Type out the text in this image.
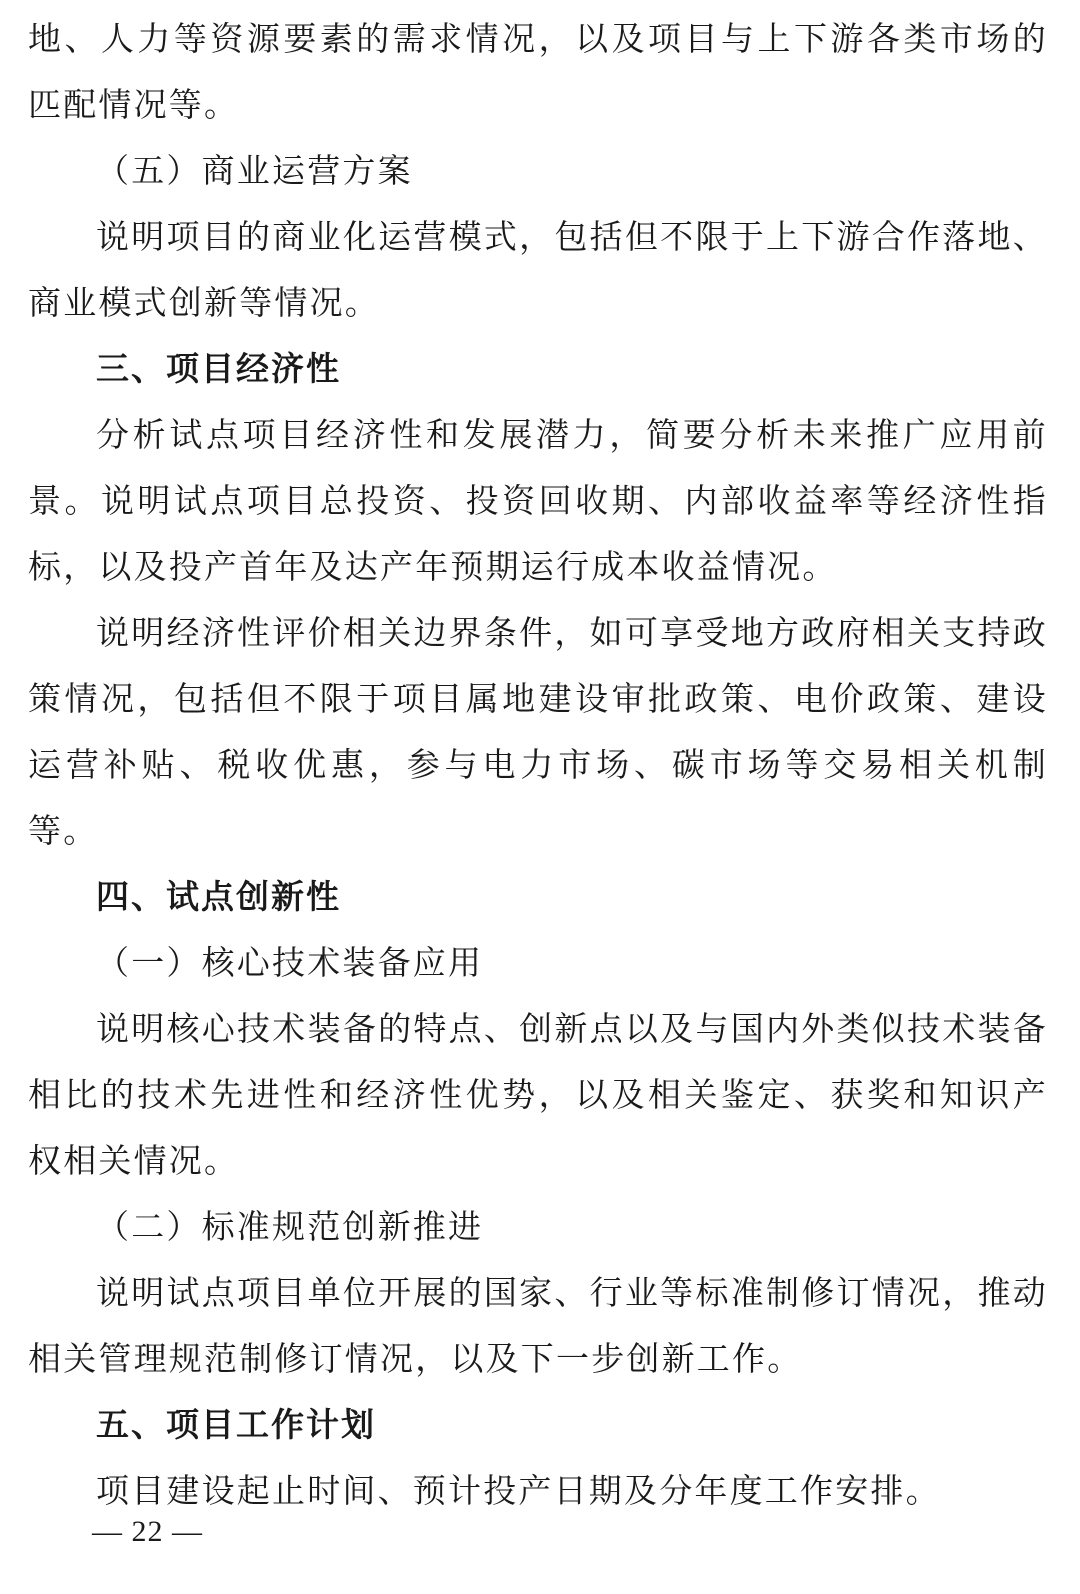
地、人力等资源要素的需求情况，以及项目与上下游各类市场的匹配情况等。

（五）商业运营方案

说明项目的商业化运营模式，包括但不限于上下游合作落地、商业模式创新等情况。

三、项目经济性

分析试点项目经济性和发展潜力，简要分析未来推广应用前景。说明试点项目总投资、投资回收期、内部收益率等经济性指标，以及投产首年及达产年预期运行成本收益情况。

说明经济性评价相关边界条件，如可享受地方政府相关支持政策情况，包括但不限于项目属地建设审批政策、电价政策、建设运营补贴、税收优惠，参与电力市场、碳市场等交易相关机制等。

四、试点创新性

（一）核心技术装备应用

说明核心技术装备的特点、创新点以及与国内外类似技术装备相比的技术先进性和经济性优势，以及相关鉴定、获奖和知识产权相关情况。

（二）标准规范创新推进

说明试点项目单位开展的国家、行业等标准制修订情况，推动相关管理规范制修订情况，以及下一步创新工作。

五、项目工作计划

项目建设起止时间、预计投产日期及分年度工作安排。

— 22 —
